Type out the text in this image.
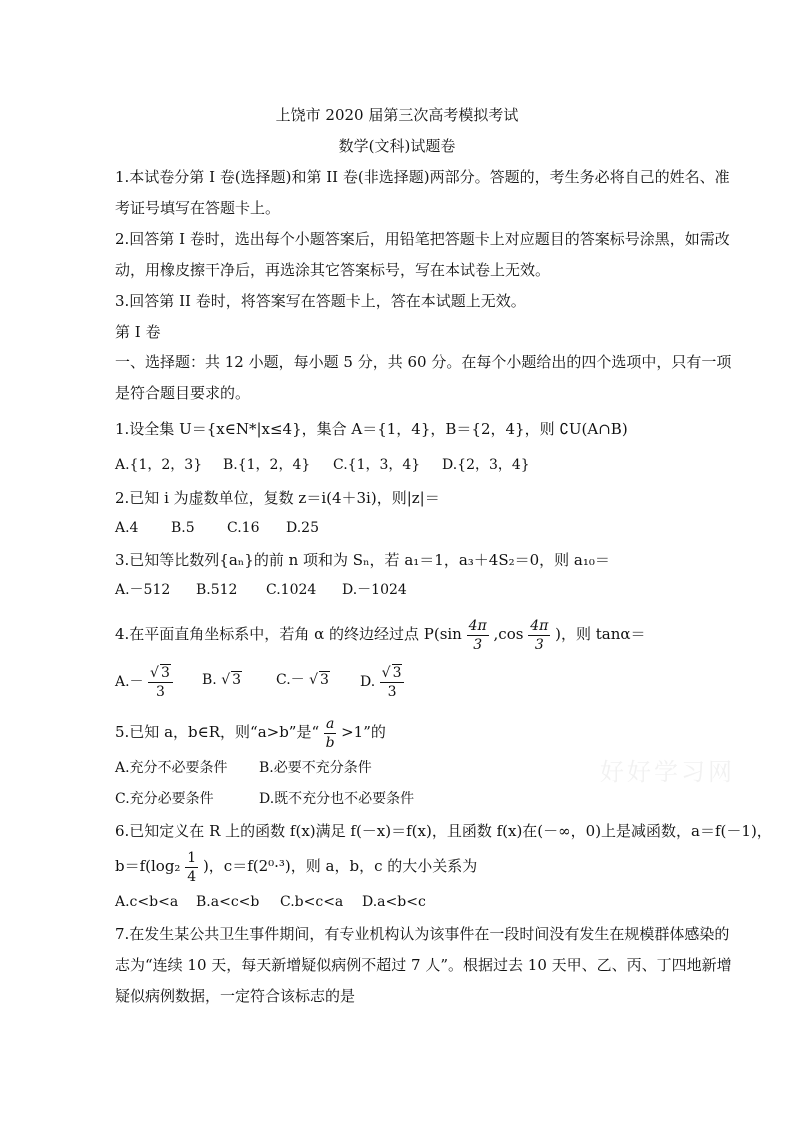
上饶市 2020 届第三次高考模拟考试
数学(文科)试题卷
1.本试卷分第 I 卷(选择题)和第 II 卷(非选择题)两部分。答题的，考生务必将自己的姓名、准
考证号填写在答题卡上。
2.回答第 I 卷时，选出每个小题答案后，用铅笔把答题卡上对应题目的答案标号涂黑，如需改
动，用橡皮擦干净后，再选涂其它答案标号，写在本试卷上无效。
3.回答第 II 卷时，将答案写在答题卡上，答在本试题上无效。
第 I 卷
一、选择题：共 12 小题，每小题 5 分，共 60 分。在每个小题给出的四个选项中，只有一项
是符合题目要求的。
1.设全集 U＝{x∈N*|x≤4}，集合 A＝{1，4}，B＝{2，4}，则 ∁U(A∩B)
A.{1，2，3} B.{1，2，4} C.{1，3，4} D.{2，3，4}
2.已知 i 为虚数单位，复数 z＝i(4＋3i)，则|z|＝
A.4 B.5 C.16 D.25
3.已知等比数列{aₙ}的前 n 项和为 Sₙ，若 a₁＝1，a₃＋4S₂＝0，则 a₁₀＝
A.－512 B.512 C.1024 D.－1024
4.在平面直角坐标系中，若角 α 的终边经过点 $P(\sin \frac{4\pi}{3} ,\cos \frac{4\pi}{3}$ )，则 tanα＝
$A.- \frac{√ 3}{3} B$. √ 3 C.－ √ 3 D. $\frac{√ 3}{3}$
5.已知 a，b∈R，则“a>b”是“ $\frac{a}{b} >1$”的
A.充分不必要条件 B.必要不充分条件
C.充分必要条件	D.既不充分也不必要条件
6.已知定义在 R 上的函数 f(x)满足 f(－x)＝f(x)，且函数 f(x)在(－∞，0)上是减函数，a＝f(－1)，
$b=f(\log_2 \frac{1}{4}$ )，c＝f(2⁰·³)，则 a，b，c 的大小关系为
A.c<b<a B.a<c<b C.b<c<a D.a<b<c
7.在发生某公共卫生事件期间，有专业机构认为该事件在一段时间没有发生在规模群体感染的
志为“连续 10 天，每天新增疑似病例不超过 7 人”。根据过去 10 天甲、乙、丙、丁四地新增
疑似病例数据，一定符合该标志的是
好好学习网
